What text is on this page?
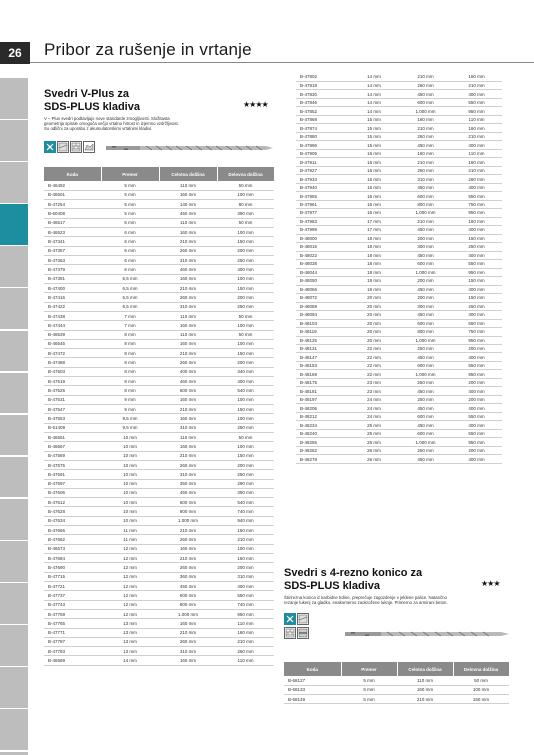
26	Pribor za rušenje in vrtanje
Svedri V-Plus za
SDS-PLUS kladiva	★★★★
V – Plus svedri podtavljajo nove standarde zmogljivosti. Složitasta
geometrija spirale omogoča večjo vrtalno hitrost in izjemno vzdržljivost.
So odlični za uporabo z akumulatorskimi vrtalnimi kladivi.
Koda	Premer	Celotna dolžina	Delovna dolžina
B-46492	5 mm	110 mm	50 mm
B-46501	5 mm	160 mm	100 mm
B-47254	5 mm	140 mm	80 mm
B-60408	5 mm	450 mm	390 mm
B-46517	6 mm	110 mm	50 mm
B-46523	6 mm	160 mm	100 mm
B-47341	6 mm	210 mm	150 mm
B-47357	6 mm	260 mm	200 mm
B-47363	6 mm	310 mm	250 mm
B-47379	6 mm	460 mm	400 mm
B-47391	6,5 mm	160 mm	100 mm
B-47400	6,5 mm	210 mm	150 mm
B-47416	6,5 mm	260 mm	200 mm
B-47422	6,5 mm	310 mm	250 mm
B-47438	7 mm	110 mm	50 mm
B-47444	7 mm	160 mm	100 mm
B-46539	8 mm	110 mm	50 mm
B-46545	8 mm	160 mm	100 mm
B-47472	8 mm	210 mm	150 mm
B-47488	8 mm	260 mm	200 mm
B-47503	8 mm	400 mm	340 mm
B-47519	8 mm	460 mm	400 mm
B-47525	8 mm	600 mm	540 mm
B-47531	9 mm	160 mm	100 mm
B-47547	9 mm	210 mm	150 mm
B-47553	9,5 mm	160 mm	100 mm
B-51409	9,5 mm	310 mm	250 mm
B-46551	10 mm	110 mm	50 mm
B-46567	10 mm	160 mm	100 mm
B-47569	10 mm	210 mm	150 mm
B-47575	10 mm	260 mm	200 mm
B-47591	10 mm	310 mm	250 mm
B-47597	10 mm	350 mm	290 mm
B-47606	10 mm	450 mm	390 mm
B-47612	10 mm	600 mm	540 mm
B-47628	10 mm	800 mm	740 mm
B-47634	10 mm	1.000 mm	940 mm
B-47656	11 mm	210 mm	160 mm
B-47662	11 mm	260 mm	210 mm
B-46573	12 mm	160 mm	100 mm
B-47684	12 mm	210 mm	160 mm
B-47690	12 mm	260 mm	200 mm
B-47715	12 mm	360 mm	310 mm
B-47721	12 mm	450 mm	400 mm
B-47737	12 mm	600 mm	550 mm
B-47743	12 mm	800 mm	740 mm
B-47759	12 mm	1.000 mm	950 mm
B-47765	13 mm	160 mm	110 mm
B-47771	13 mm	210 mm	160 mm
B-47787	13 mm	260 mm	210 mm
B-47793	13 mm	310 mm	260 mm
B-46589	14 mm	160 mm	110 mm
B-47802	14 mm	210 mm	160 mm
B-47818	14 mm	260 mm	210 mm
B-47830	14 mm	450 mm	400 mm
B-47846	14 mm	600 mm	550 mm
B-47852	14 mm	1.000 mm	950 mm
B-47868	15 mm	160 mm	110 mm
B-47874	15 mm	210 mm	160 mm
B-47880	15 mm	260 mm	210 mm
B-47896	15 mm	450 mm	400 mm
B-47905	16 mm	160 mm	110 mm
B-47911	16 mm	210 mm	160 mm
B-47927	16 mm	260 mm	210 mm
B-47933	16 mm	310 mm	260 mm
B-47940	16 mm	450 mm	400 mm
B-47955	16 mm	600 mm	550 mm
B-47961	16 mm	800 mm	750 mm
B-47977	16 mm	1.000 mm	950 mm
B-47983	17 mm	210 mm	160 mm
B-47999	17 mm	450 mm	400 mm
B-48000	18 mm	200 mm	150 mm
B-48016	18 mm	300 mm	250 mm
B-48022	18 mm	450 mm	400 mm
B-48038	18 mm	600 mm	550 mm
B-48044	18 mm	1.000 mm	950 mm
B-48050	19 mm	200 mm	150 mm
B-48066	19 mm	450 mm	400 mm
B-48072	20 mm	200 mm	150 mm
B-48088	20 mm	300 mm	250 mm
B-48094	20 mm	450 mm	400 mm
B-48103	20 mm	600 mm	550 mm
B-48119	20 mm	800 mm	750 mm
B-48125	20 mm	1.000 mm	950 mm
B-48131	22 mm	250 mm	200 mm
B-48147	22 mm	450 mm	400 mm
B-48153	22 mm	600 mm	550 mm
B-48169	22 mm	1.000 mm	950 mm
B-48175	23 mm	250 mm	200 mm
B-48181	23 mm	450 mm	400 mm
B-48197	24 mm	250 mm	200 mm
B-48206	24 mm	450 mm	400 mm
B-48212	24 mm	600 mm	550 mm
B-48234	25 mm	450 mm	400 mm
B-48240	25 mm	600 mm	550 mm
B-48256	25 mm	1.000 mm	950 mm
B-48262	26 mm	250 mm	200 mm
B-48278	26 mm	450 mm	400 mm
Svedri s 4-rezno konico za
SDS-PLUS kladiva	★★★
Štirirezna konica iz karbidne trdine, preprečuje zagozdenje v jeklene palice. Natančno
rezanje lukenj za gladko, enakomerno zaokrožene luknje. Primerno za armirani beton.
Koda	Premer	Celotna dolžina	Delovna dolžina
B-68127	5 mm	110 mm	50 mm
B-68133	5 mm	160 mm	100 mm
B-68149	5 mm	210 mm	150 mm
